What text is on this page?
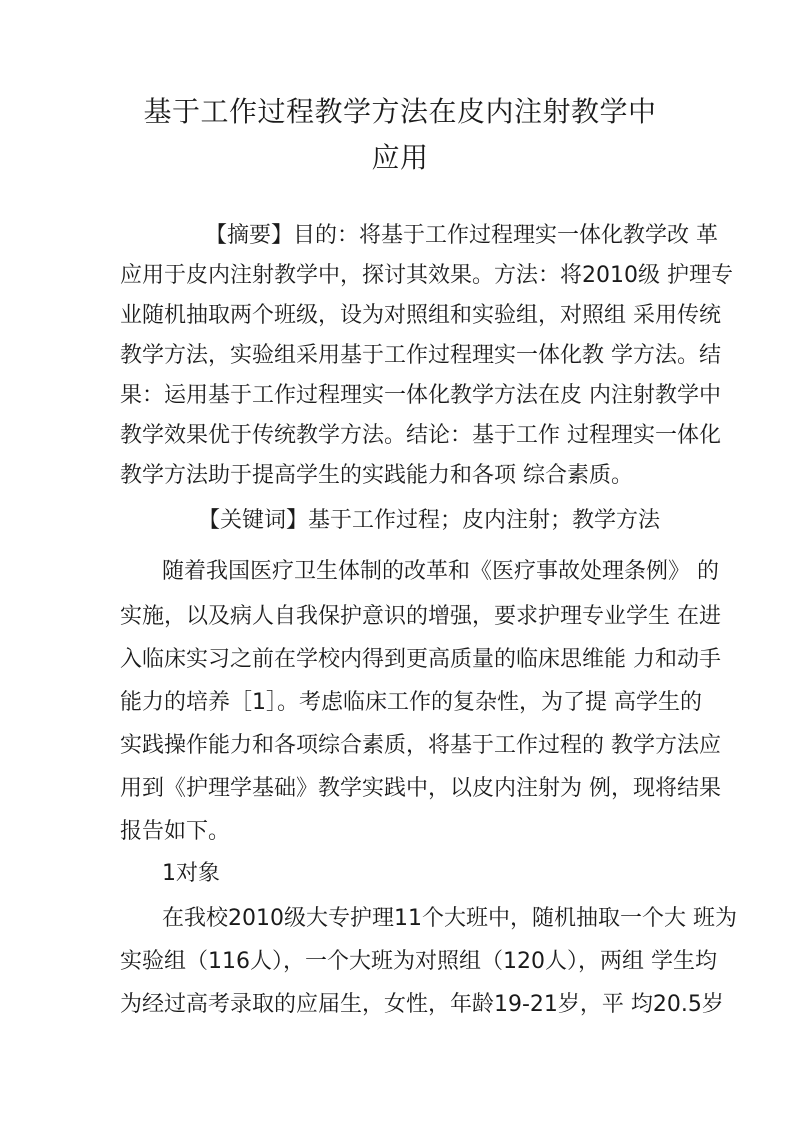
基于工作过程教学方法在皮内注射教学中
应用
【摘要】目的：将基于工作过程理实一体化教学改 革
应用于皮内注射教学中，探讨其效果。方法：将2010级 护理专
业随机抽取两个班级，设为对照组和实验组，对照组 采用传统
教学方法，实验组采用基于工作过程理实一体化教 学方法。结
果：运用基于工作过程理实一体化教学方法在皮 内注射教学中
教学效果优于传统教学方法。结论：基于工作 过程理实一体化
教学方法助于提高学生的实践能力和各项 综合素质。
【关键词】基于工作过程；皮内注射；教学方法
随着我国医疗卫生体制的改革和《医疗事故处理条例》 的
实施，以及病人自我保护意识的增强，要求护理专业学生 在进
入临床实习之前在学校内得到更高质量的临床思维能 力和动手
能力的培养［1］。考虑临床工作的复杂性，为了提 高学生的
实践操作能力和各项综合素质，将基于工作过程的 教学方法应
用到《护理学基础》教学实践中，以皮内注射为 例，现将结果
报告如下。
1对象
在我校2010级大专护理11个大班中，随机抽取一个大 班为
实验组（116人），一个大班为对照组（120人），两组 学生均
为经过高考录取的应届生，女性，年龄19-21岁，平 均20.5岁
